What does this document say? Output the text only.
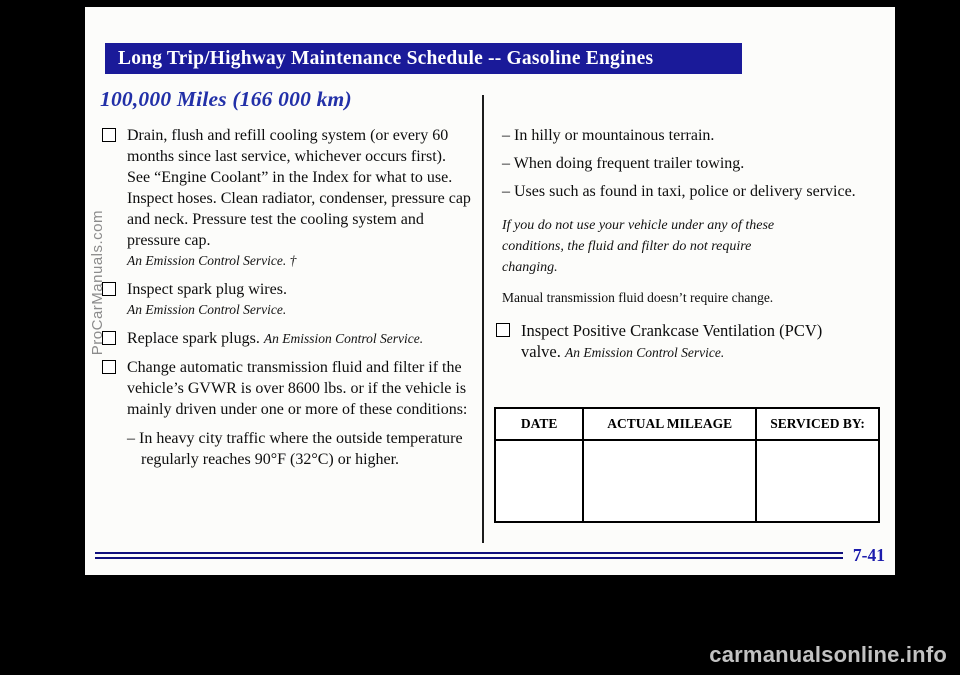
Long Trip/Highway Maintenance Schedule -- Gasoline Engines
100,000 Miles (166 000 km)
Drain, flush and refill cooling system (or every 60 months since last service, whichever occurs first). See “Engine Coolant” in the Index for what to use. Inspect hoses. Clean radiator, condenser, pressure cap and neck. Pressure test the cooling system and pressure cap.
An Emission Control Service. †
Inspect spark plug wires.
An Emission Control Service.
Replace spark plugs. An Emission Control Service.
Change automatic transmission fluid and filter if the vehicle’s GVWR is over 8600 lbs. or if the vehicle is mainly driven under one or more of these conditions:

– In heavy city traffic where the outside temperature regularly reaches 90°F (32°C) or higher.

– In hilly or mountainous terrain.

– When doing frequent trailer towing.

– Uses such as found in taxi, police or delivery service.

If you do not use your vehicle under any of these conditions, the fluid and filter do not require changing.

Manual transmission fluid doesn’t require change.

Inspect Positive Crankcase Ventilation (PCV) valve. An Emission Control Service.
DATE	ACTUAL MILEAGE	SERVICED BY:

7-41
ProCarManuals.com
carmanualsonline.info
